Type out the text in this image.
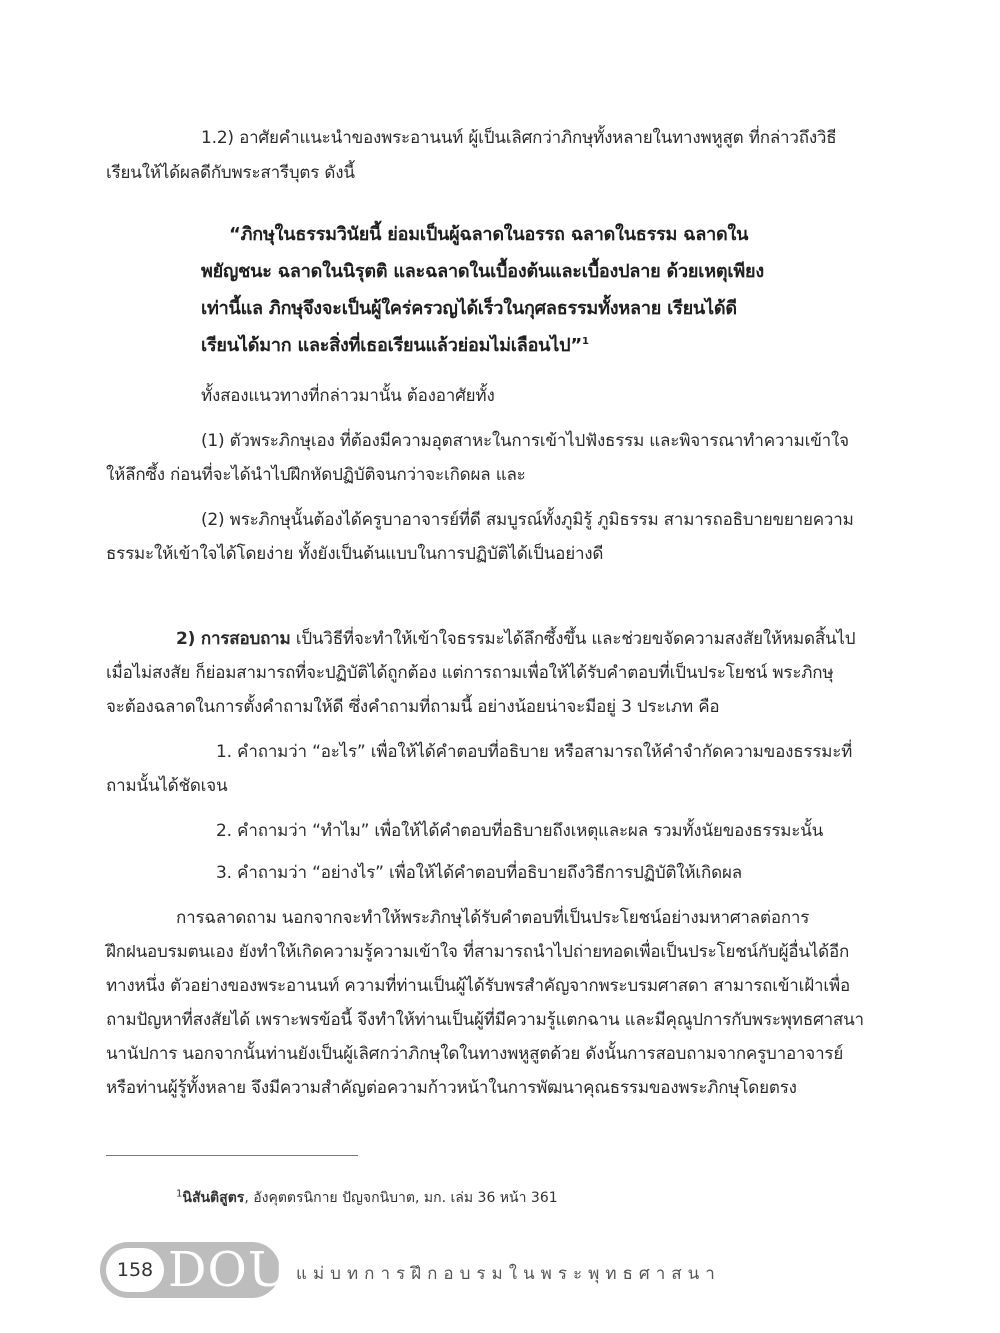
1.2) อาศัยคำแนะนำของพระอานนท์ ผู้เป็นเลิศกว่าภิกษุทั้งหลายในทางพหูสูต ที่กล่าวถึงวิธี
เรียนให้ได้ผลดีกับพระสารีบุตร ดังนี้
“ภิกษุในธรรมวินัยนี้ ย่อมเป็นผู้ฉลาดในอรรถ ฉลาดในธรรม ฉลาดใน
พยัญชนะ ฉลาดในนิรุตติ และฉลาดในเบื้องต้นและเบื้องปลาย ด้วยเหตุเพียง
เท่านี้แล ภิกษุจึงจะเป็นผู้ใคร่ครวญได้เร็วในกุศลธรรมทั้งหลาย เรียนได้ดี
เรียนได้มาก และสิ่งที่เธอเรียนแล้วย่อมไม่เลือนไป”$^1$
ทั้งสองแนวทางที่กล่าวมานั้น ต้องอาศัยทั้ง
(1) ตัวพระภิกษุเอง ที่ต้องมีความอุตสาหะในการเข้าไปฟังธรรม และพิจารณาทำความเข้าใจ
ให้ลึกซึ้ง ก่อนที่จะได้นำไปฝึกหัดปฏิบัติจนกว่าจะเกิดผล และ
(2) พระภิกษุนั้นต้องได้ครูบาอาจารย์ที่ดี สมบูรณ์ทั้งภูมิรู้ ภูมิธรรม สามารถอธิบายขยายความ
ธรรมะให้เข้าใจได้โดยง่าย ทั้งยังเป็นต้นแบบในการปฏิบัติได้เป็นอย่างดี
2) การสอบถาม เป็นวิธีที่จะทำให้เข้าใจธรรมะได้ลึกซึ้งขึ้น และช่วยขจัดความสงสัยให้หมดสิ้นไป
เมื่อไม่สงสัย ก็ย่อมสามารถที่จะปฏิบัติได้ถูกต้อง แต่การถามเพื่อให้ได้รับคำตอบที่เป็นประโยชน์ พระภิกษุ
จะต้องฉลาดในการตั้งคำถามให้ดี ซึ่งคำถามที่ถามนี้ อย่างน้อยน่าจะมีอยู่ 3 ประเภท คือ
1. คำถามว่า “อะไร” เพื่อให้ได้คำตอบที่อธิบาย หรือสามารถให้คำจำกัดความของธรรมะที่
ถามนั้นได้ชัดเจน
2. คำถามว่า “ทำไม” เพื่อให้ได้คำตอบที่อธิบายถึงเหตุและผล รวมทั้งนัยของธรรมะนั้น
3. คำถามว่า “อย่างไร” เพื่อให้ได้คำตอบที่อธิบายถึงวิธีการปฏิบัติให้เกิดผล
การฉลาดถาม นอกจากจะทำให้พระภิกษุได้รับคำตอบที่เป็นประโยชน์อย่างมหาศาลต่อการ
ฝึกฝนอบรมตนเอง ยังทำให้เกิดความรู้ความเข้าใจ ที่สามารถนำไปถ่ายทอดเพื่อเป็นประโยชน์กับผู้อื่นได้อีก
ทางหนึ่ง ตัวอย่างของพระอานนท์ ความที่ท่านเป็นผู้ได้รับพรสำคัญจากพระบรมศาสดา สามารถเข้าเฝ้าเพื่อ
ถามปัญหาที่สงสัยได้ เพราะพรข้อนี้ จึงทำให้ท่านเป็นผู้ที่มีความรู้แตกฉาน และมีคุณูปการกับพระพุทธศาสนา
นานัปการ นอกจากนั้นท่านยังเป็นผู้เลิศกว่าภิกษุใดในทางพหูสูตด้วย ดังนั้นการสอบถามจากครูบาอาจารย์
หรือท่านผู้รู้ทั้งหลาย จึงมีความสำคัญต่อความก้าวหน้าในการพัฒนาคุณธรรมของพระภิกษุโดยตรง
$^1$นิสันติสูตร, อังคุตตรนิกาย ปัญจกนิบาต, มก. เล่ม 36 หน้า 361
158 DOU แม่บทการฝึกอบรมในพระพุทธศาสนา
